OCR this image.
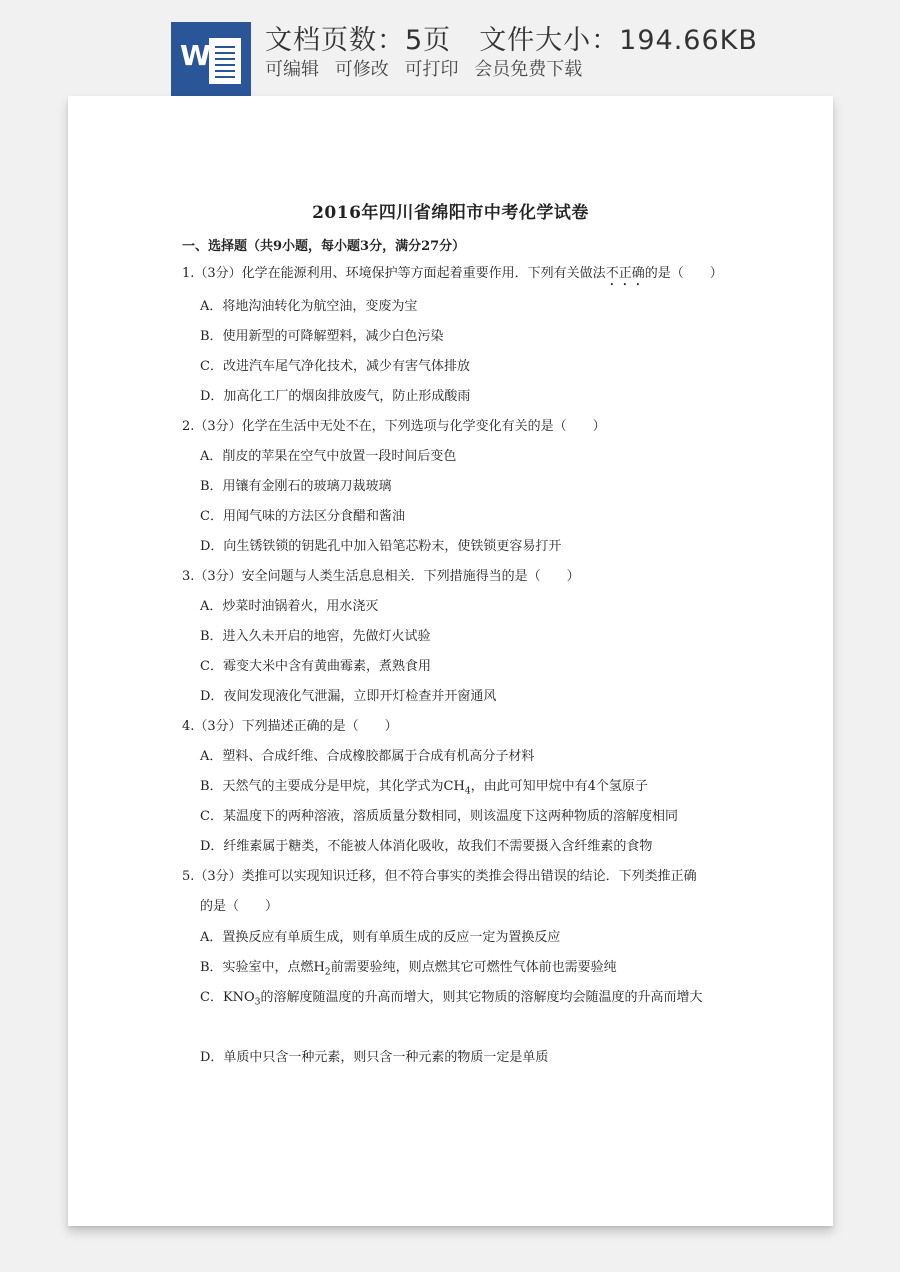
W 文档页数：5页 文件大小：194.66KB
可编辑 可修改 可打印 会员免费下载
2016年四川省绵阳市中考化学试卷
一、选择题（共9小题，每小题3分，满分27分）
1.（3分）化学在能源利用、环境保护等方面起着重要作用．下列有关做法不正确的是（　　）
A．将地沟油转化为航空油，变废为宝
B．使用新型的可降解塑料，减少白色污染
C．改进汽车尾气净化技术，减少有害气体排放
D．加高化工厂的烟囱排放废气，防止形成酸雨
2.（3分）化学在生活中无处不在，下列选项与化学变化有关的是（　　）
A．削皮的苹果在空气中放置一段时间后变色
B．用镶有金刚石的玻璃刀裁玻璃
C．用闻气味的方法区分食醋和酱油
D．向生锈铁锁的钥匙孔中加入铅笔芯粉末，使铁锁更容易打开
3.（3分）安全问题与人类生活息息相关．下列措施得当的是（　　）
A．炒菜时油锅着火，用水浇灭
B．进入久未开启的地窖，先做灯火试验
C．霉变大米中含有黄曲霉素，煮熟食用
D．夜间发现液化气泄漏，立即开灯检查并开窗通风
4.（3分）下列描述正确的是（　　）
A．塑料、合成纤维、合成橡胶都属于合成有机高分子材料
B．天然气的主要成分是甲烷，其化学式为$CH_4$，由此可知甲烷中有4个氢原子
C．某温度下的两种溶液，溶质质量分数相同，则该温度下这两种物质的溶解度相同
D．纤维素属于糖类，不能被人体消化吸收，故我们不需要摄入含纤维素的食物
5.（3分）类推可以实现知识迁移，但不符合事实的类推会得出错误的结论．下列类推正确
的是（　　）
A．置换反应有单质生成，则有单质生成的反应一定为置换反应
B．实验室中，点燃$H_2$前需要验纯，则点燃其它可燃性气体前也需要验纯
C．$KNO_3$的溶解度随温度的升高而增大，则其它物质的溶解度均会随温度的升高而增大
D．单质中只含一种元素，则只含一种元素的物质一定是单质
